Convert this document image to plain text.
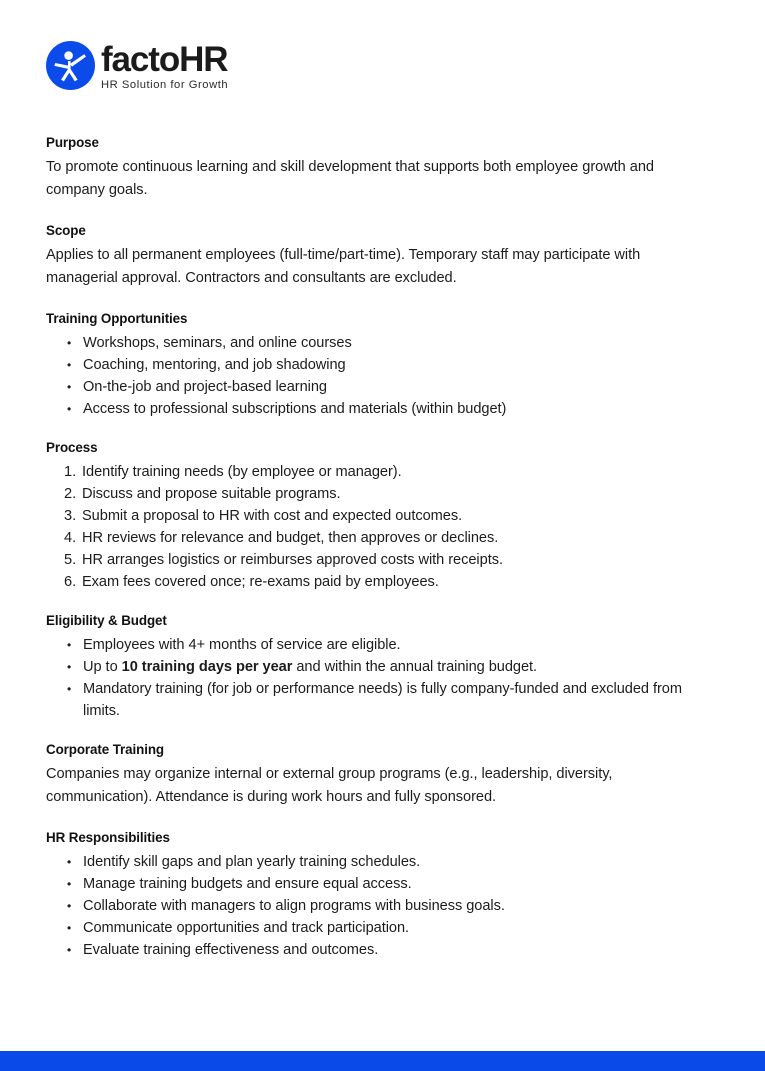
factoHR
HR Solution for Growth
Purpose

To promote continuous learning and skill development that supports both employee growth and company goals.

Scope

Applies to all permanent employees (full-time/part-time). Temporary staff may participate with managerial approval. Contractors and consultants are excluded.

Training Opportunities
• Workshops, seminars, and online courses
• Coaching, mentoring, and job shadowing
• On-the-job and project-based learning
• Access to professional subscriptions and materials (within budget)
Process
Identify training needs (by employee or manager).
Discuss and propose suitable programs.
Submit a proposal to HR with cost and expected outcomes.
HR reviews for relevance and budget, then approves or declines.
HR arranges logistics or reimburses approved costs with receipts.
Exam fees covered once; re-exams paid by employees.
Eligibility & Budget
• Employees with 4+ months of service are eligible.
• Up to 10 training days per year and within the annual training budget.
• Mandatory training (for job or performance needs) is fully company-funded and excluded from limits.
Corporate Training

Companies may organize internal or external group programs (e.g., leadership, diversity, communication). Attendance is during work hours and fully sponsored.

HR Responsibilities
• Identify skill gaps and plan yearly training schedules.
• Manage training budgets and ensure equal access.
• Collaborate with managers to align programs with business goals.
• Communicate opportunities and track participation.
• Evaluate training effectiveness and outcomes.
